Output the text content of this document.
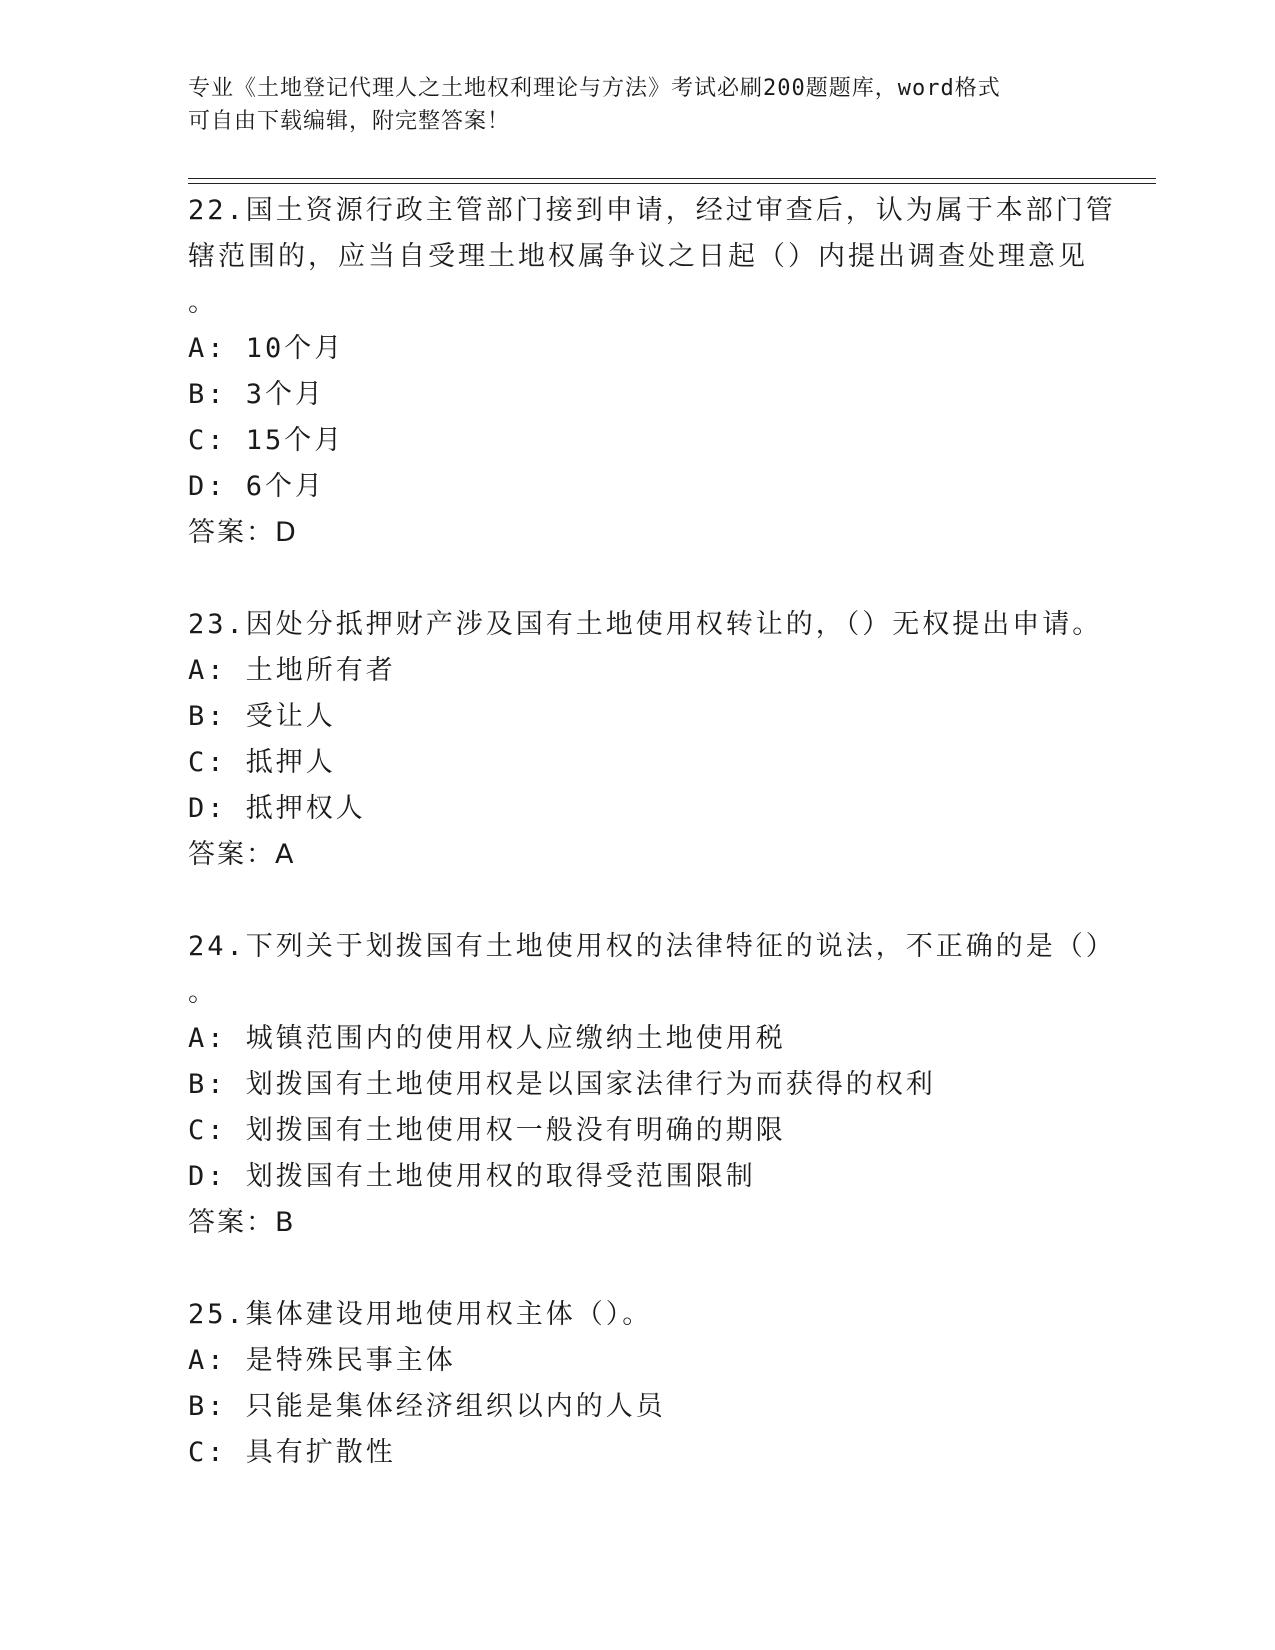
专业《土地登记代理人之土地权利理论与方法》考试必刷200题题库，word格式
可自由下载编辑，附完整答案！
22.国土资源行政主管部门接到申请，经过审查后，认为属于本部门管
辖范围的，应当自受理土地权属争议之日起（）内提出调查处理意见
。
A: 10个月
B: 3个月
C: 15个月
D: 6个月
答案：D
23.因处分抵押财产涉及国有土地使用权转让的，（）无权提出申请。
A: 土地所有者
B: 受让人
C: 抵押人
D: 抵押权人
答案：A
24.下列关于划拨国有土地使用权的法律特征的说法，不正确的是（）
。
A: 城镇范围内的使用权人应缴纳土地使用税
B: 划拨国有土地使用权是以国家法律行为而获得的权利
C: 划拨国有土地使用权一般没有明确的期限
D: 划拨国有土地使用权的取得受范围限制
答案：B
25.集体建设用地使用权主体（）。
A: 是特殊民事主体
B: 只能是集体经济组织以内的人员
C: 具有扩散性
